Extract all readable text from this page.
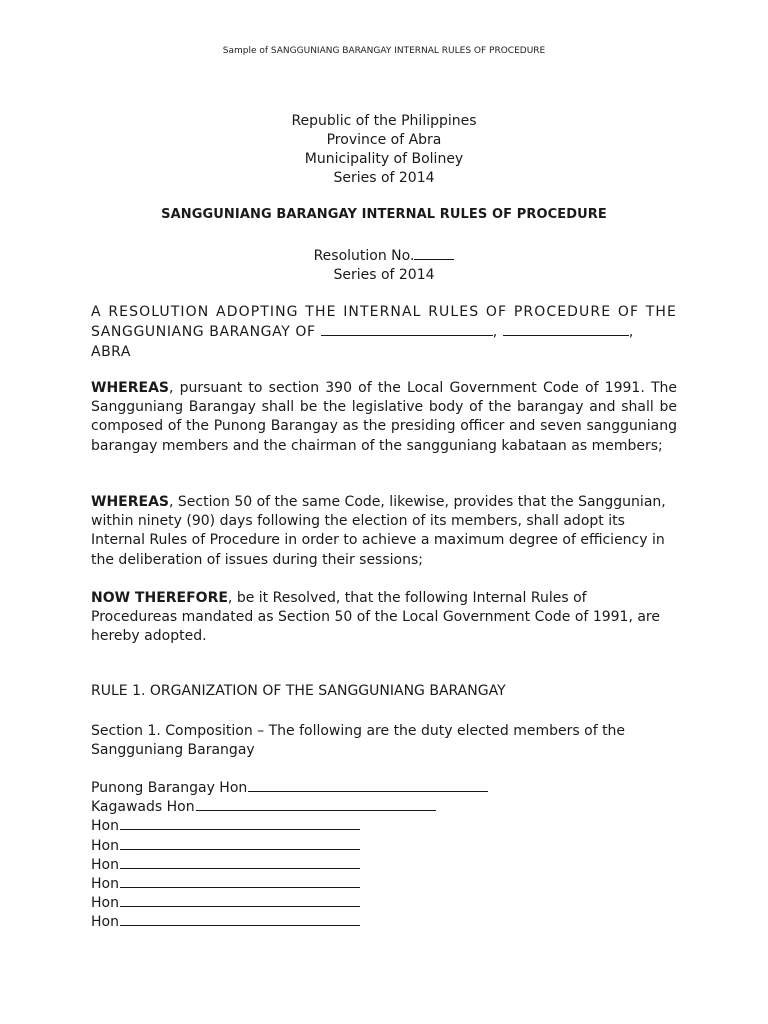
Sample of SANGGUNIANG BARANGAY INTERNAL RULES OF PROCEDURE
Republic of the Philippines
Province of Abra
Municipality of Boliney
Series of 2014
SANGGUNIANG BARANGAY INTERNAL RULES OF PROCEDURE
Resolution No.
Series of 2014
A RESOLUTION ADOPTING THE INTERNAL RULES OF PROCEDURE OF THE
SANGGUNIANG BARANGAY OF	,	,
ABRA
WHEREAS, pursuant to section 390 of the Local Government Code of 1991. The Sangguniang Barangay shall be the legislative body of the barangay and shall be composed of the Punong Barangay as the presiding officer and seven sangguniang barangay members and the chairman of the sangguniang kabataan as members;
WHEREAS, Section 50 of the same Code, likewise, provides that the Sanggunian, within ninety (90) days following the election of its members, shall adopt its Internal Rules of Procedure in order to achieve a maximum degree of efficiency in the deliberation of issues during their sessions;
NOW THEREFORE, be it Resolved, that the following Internal Rules of Procedureas mandated as Section 50 of the Local Government Code of 1991, are hereby adopted.
RULE 1. ORGANIZATION OF THE SANGGUNIANG BARANGAY
Section 1. Composition – The following are the duty elected members of the Sangguniang Barangay
Punong Barangay Hon
Kagawads Hon
Hon
Hon
Hon
Hon
Hon
Hon
